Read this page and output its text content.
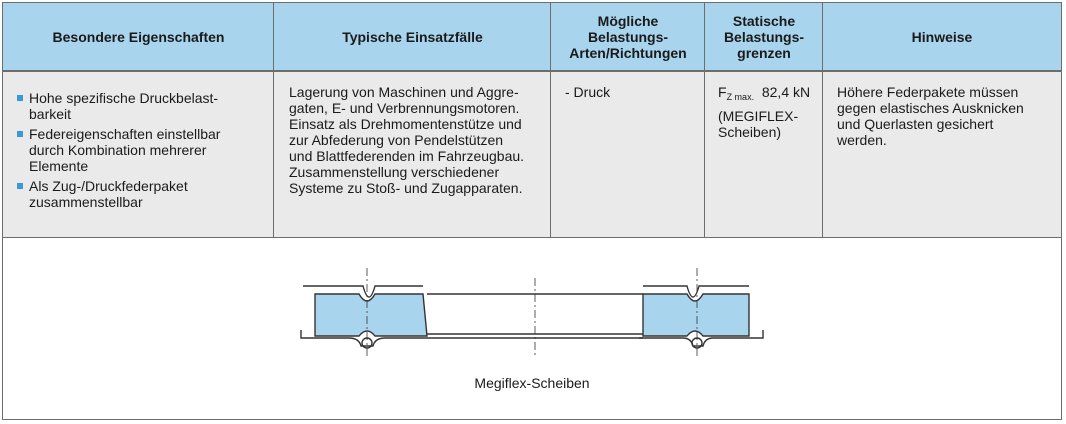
Besondere Eigenschaften	Typische Einsatzfälle
Mögliche
Belastungs-
Arten/Richtungen
Statische
Belastungs-
grenzen
Hinweise
Hohe spezifische Druckbelast-
barkeit
Federeigenschaften einstellbar
durch Kombination mehrerer
Elemente
Als Zug-/Druckfederpaket
zusammenstellbar
Lagerung von Maschinen und Aggre-
gaten, E- und Verbrennungsmotoren.
Einsatz als Drehmomentenstütze und
zur Abfederung von Pendelstützen
und Blattfederenden im Fahrzeugbau.
Zusammenstellung verschiedener
Systeme zu Stoß- und Zugapparaten.
- Druck	$F_{Z max.}$ 82,4 kN
(MEGIFLEX-
Scheiben)
Höhere Federpakete müssen
gegen elastisches Ausknicken
und Querlasten gesichert
werden.
Megiflex-Scheiben
